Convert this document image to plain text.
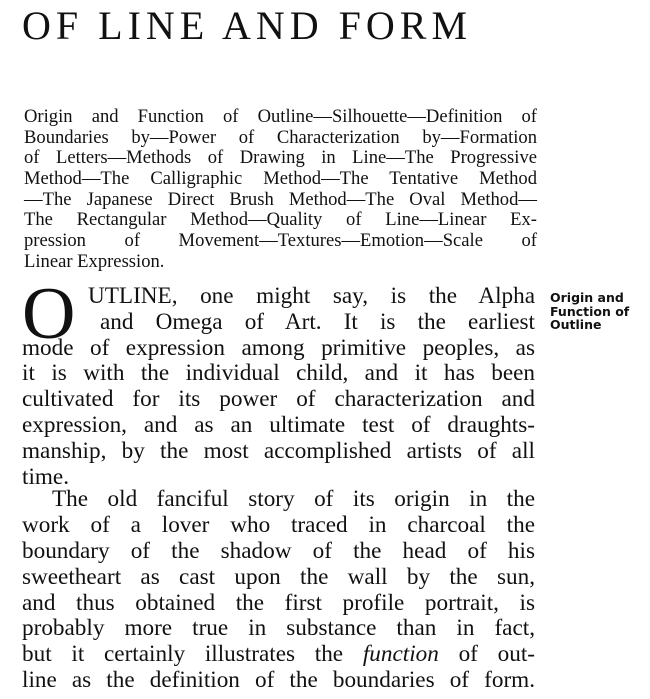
OF LINE AND FORM
Origin and Function of Outline—Silhouette—Definition of
Boundaries by—Power of Characterization by—Formation
of Letters—Methods of Drawing in Line—The Progressive
Method—The Calligraphic Method—The Tentative Method
—The Japanese Direct Brush Method—The Oval Method—
The Rectangular Method—Quality of Line—Linear Ex-
pression of Movement—Textures—Emotion—Scale of
Linear Expression.
O UTLINE, one might say, is the Alpha
and Omega of Art. It is the earliest
mode of expression among primitive peoples, as
it is with the individual child, and it has been
cultivated for its power of characterization and
expression, and as an ultimate test of draughts-
manship, by the most accomplished artists of all
time.
The old fanciful story of its origin in the
work of a lover who traced in charcoal the
boundary of the shadow of the head of his
sweetheart as cast upon the wall by the sun,
and thus obtained the first profile portrait, is
probably more true in substance than in fact,
but it certainly illustrates the function of out-
line as the definition of the boundaries of form.
Origin and
Function of
Outline
